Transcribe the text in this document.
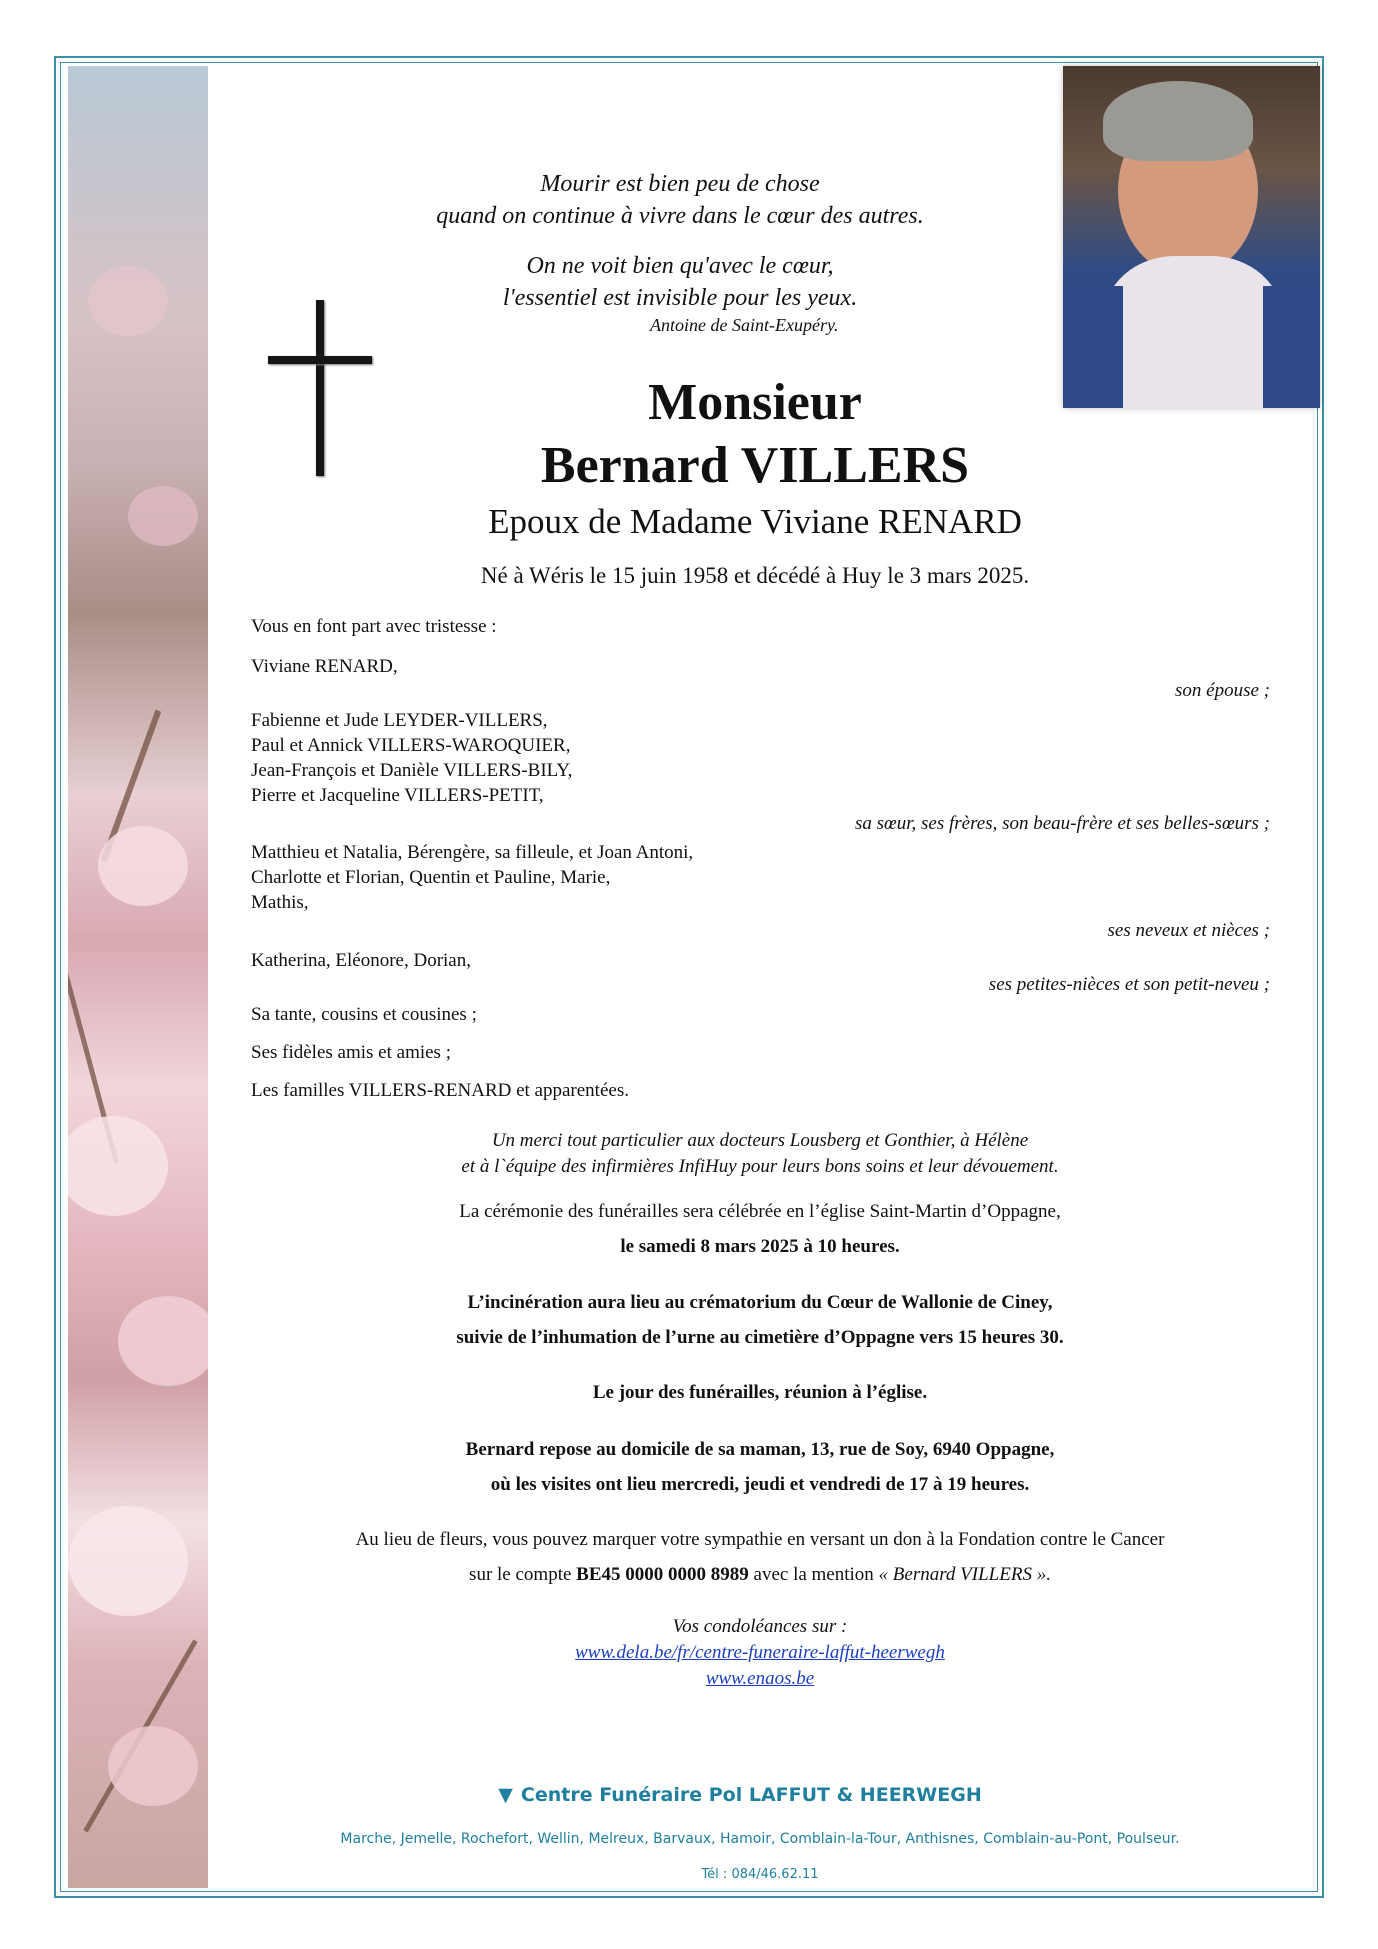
Mourir est bien peu de chose
quand on continue à vivre dans le cœur des autres.
On ne voit bien qu'avec le cœur,
l'essentiel est invisible pour les yeux.
Antoine de Saint-Exupéry.
Monsieur
Bernard VILLERS
Epoux de Madame Viviane RENARD
Né à Wéris le 15 juin 1958 et décédé à Huy le 3 mars 2025.
Vous en font part avec tristesse :
Viviane RENARD,
son épouse ;
Fabienne et Jude LEYDER-VILLERS,
Paul et Annick VILLERS-WAROQUIER,
Jean-François et Danièle VILLERS-BILY,
Pierre et Jacqueline VILLERS-PETIT,
sa sœur, ses frères, son beau-frère et ses belles-sœurs ;
Matthieu et Natalia, Bérengère, sa filleule, et Joan Antoni,
Charlotte et Florian, Quentin et Pauline, Marie,
Mathis,
ses neveux et nièces ;
Katherina, Eléonore, Dorian,
ses petites-nièces et son petit-neveu ;
Sa tante, cousins et cousines ;
Ses fidèles amis et amies ;
Les familles VILLERS-RENARD et apparentées.
Un merci tout particulier aux docteurs Lousberg et Gonthier, à Hélène
et à l`équipe des infirmières InfiHuy pour leurs bons soins et leur dévouement.
La cérémonie des funérailles sera célébrée en l’église Saint-Martin d’Oppagne,
le samedi 8 mars 2025 à 10 heures.
L’incinération aura lieu au crématorium du Cœur de Wallonie de Ciney,
suivie de l’inhumation de l’urne au cimetière d’Oppagne vers 15 heures 30.
Le jour des funérailles, réunion à l’église.
Bernard repose au domicile de sa maman, 13, rue de Soy, 6940 Oppagne,
où les visites ont lieu mercredi, jeudi et vendredi de 17 à 19 heures.
Au lieu de fleurs, vous pouvez marquer votre sympathie en versant un don à la Fondation contre le Cancer
sur le compte BE45 0000 0000 8989 avec la mention « Bernard VILLERS ».
Vos condoléances sur :
www.dela.be/fr/centre-funeraire-laffut-heerwegh
www.enaos.be
▼ Centre Funéraire Pol LAFFUT & HEERWEGH
Marche, Jemelle, Rochefort, Wellin, Melreux, Barvaux, Hamoir, Comblain-la-Tour, Anthisnes, Comblain-au-Pont, Poulseur.
Tél : 084/46.62.11
